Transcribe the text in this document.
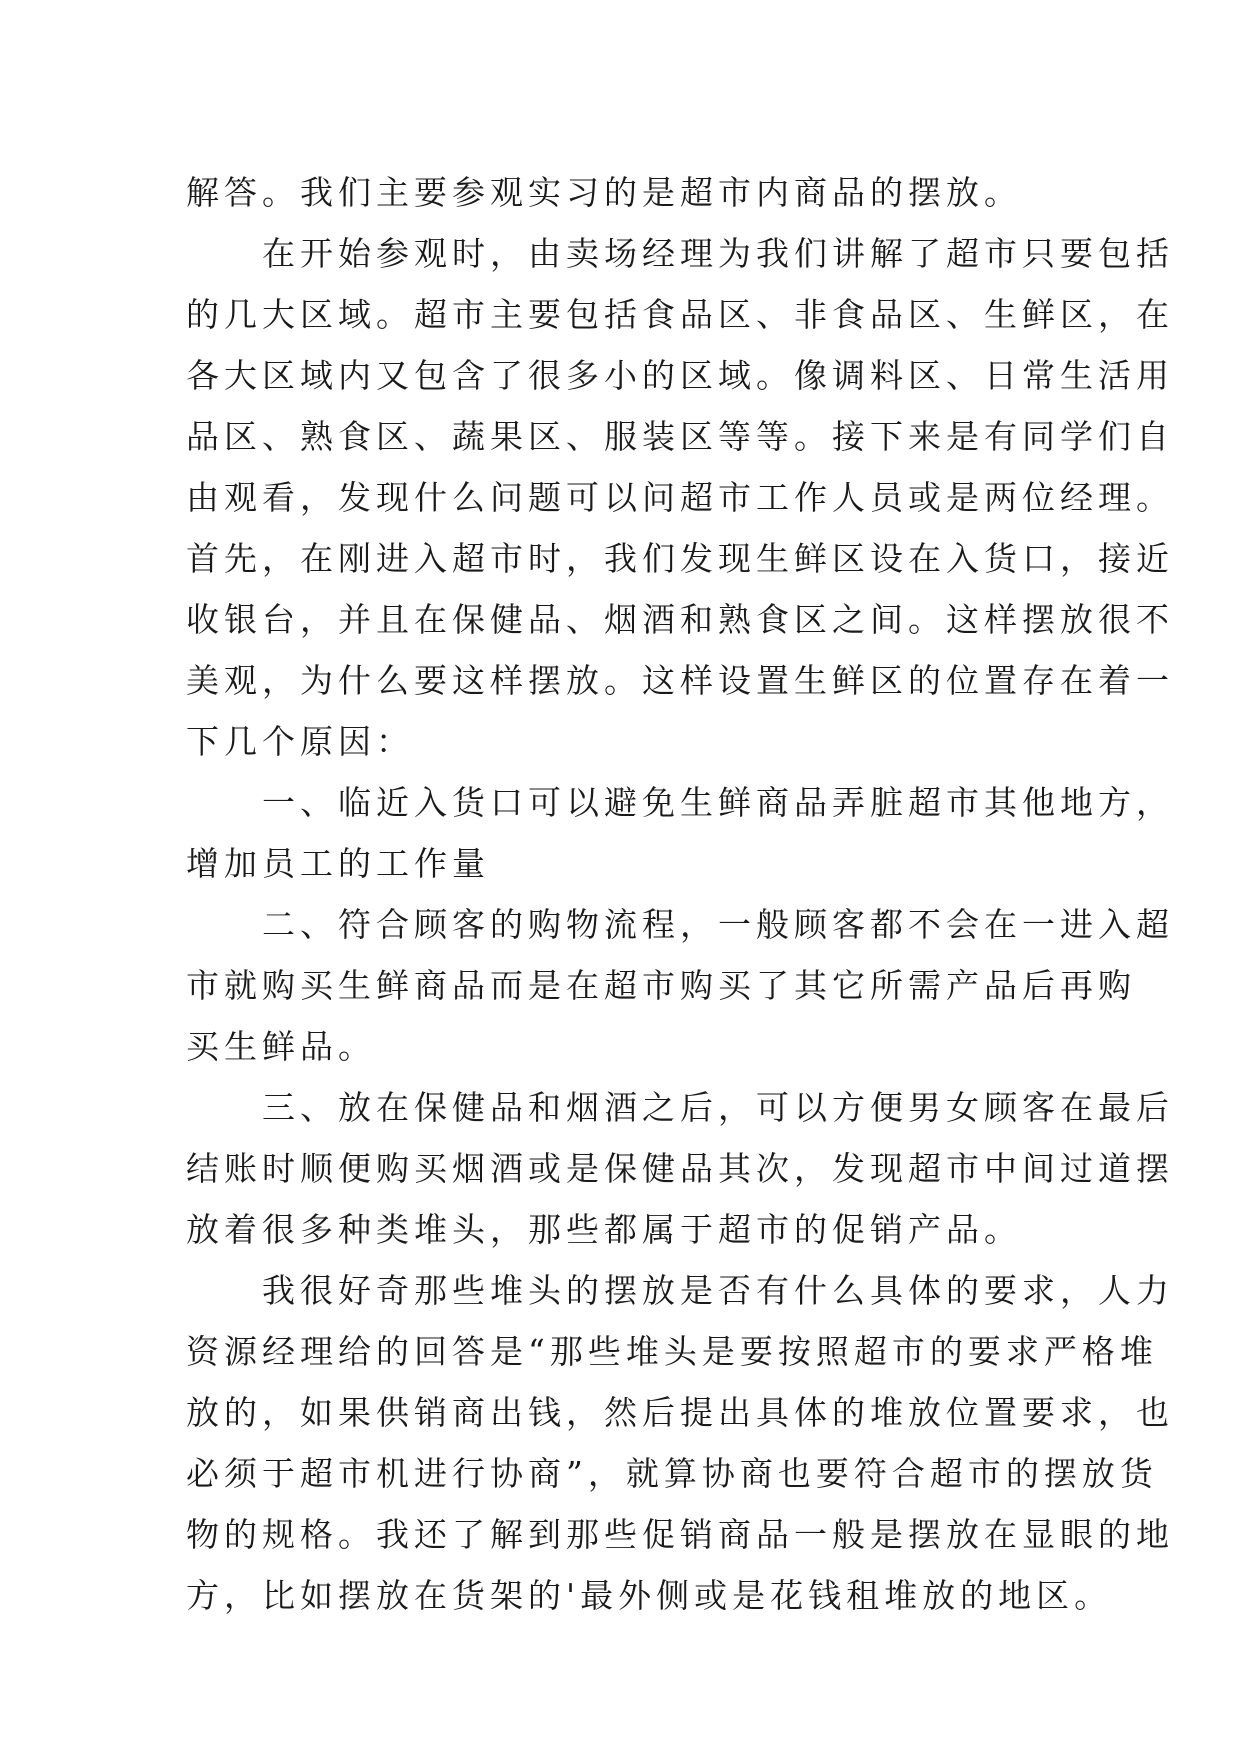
解答。我们主要参观实习的是超市内商品的摆放。
在开始参观时，由卖场经理为我们讲解了超市只要包括
的几大区域。超市主要包括食品区、非食品区、生鲜区，在
各大区域内又包含了很多小的区域。像调料区、日常生活用
品区、熟食区、蔬果区、服装区等等。接下来是有同学们自
由观看，发现什么问题可以问超市工作人员或是两位经理。
首先，在刚进入超市时，我们发现生鲜区设在入货口，接近
收银台，并且在保健品、烟酒和熟食区之间。这样摆放很不
美观，为什么要这样摆放。这样设置生鲜区的位置存在着一
下几个原因：
一、临近入货口可以避免生鲜商品弄脏超市其他地方，
增加员工的工作量
二、符合顾客的购物流程，一般顾客都不会在一进入超
市就购买生鲜商品而是在超市购买了其它所需产品后再购
买生鲜品。
三、放在保健品和烟酒之后，可以方便男女顾客在最后
结账时顺便购买烟酒或是保健品其次，发现超市中间过道摆
放着很多种类堆头，那些都属于超市的促销产品。
我很好奇那些堆头的摆放是否有什么具体的要求，人力
资源经理给的回答是“那些堆头是要按照超市的要求严格堆
放的，如果供销商出钱，然后提出具体的堆放位置要求，也
必须于超市机进行协商”，就算协商也要符合超市的摆放货
物的规格。我还了解到那些促销商品一般是摆放在显眼的地
方，比如摆放在货架的'最外侧或是花钱租堆放的地区。
